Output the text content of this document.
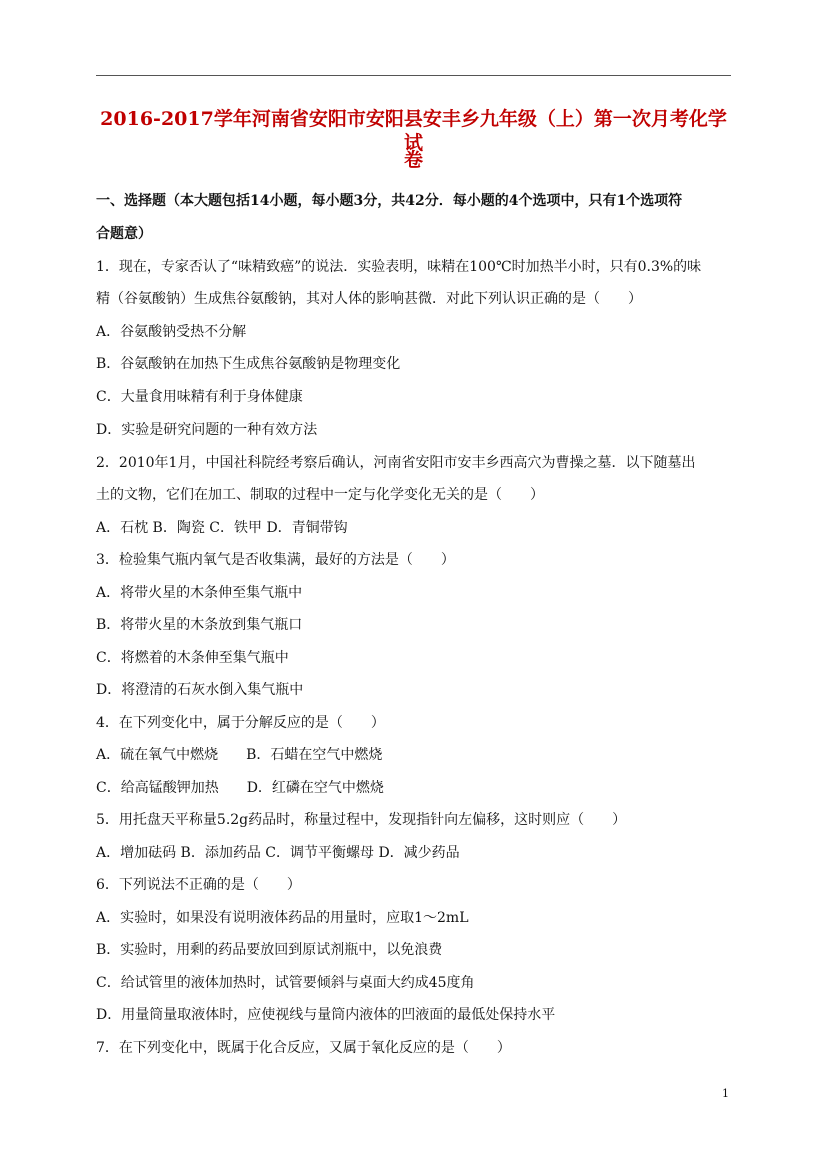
2016-2017学年河南省安阳市安阳县安丰乡九年级（上）第一次月考化学试
卷

一、选择题（本大题包括14小题，每小题3分，共42分．每小题的4个选项中，只有1个选项符

合题意）

1．现在，专家否认了“味精致癌”的说法．实验表明，味精在100℃时加热半小时，只有0.3%的味

精（谷氨酸钠）生成焦谷氨酸钠，其对人体的影响甚微．对此下列认识正确的是（　　）

A．谷氨酸钠受热不分解

B．谷氨酸钠在加热下生成焦谷氨酸钠是物理变化

C．大量食用味精有利于身体健康

D．实验是研究问题的一种有效方法

2．2010年1月，中国社科院经考察后确认，河南省安阳市安丰乡西高穴为曹操之墓．以下随墓出

土的文物，它们在加工、制取的过程中一定与化学变化无关的是（　　）

A．石枕 B．陶瓷 C．铁甲 D．青铜带钩

3．检验集气瓶内氧气是否收集满，最好的方法是（　　）

A．将带火星的木条伸至集气瓶中

B．将带火星的木条放到集气瓶口

C．将燃着的木条伸至集气瓶中

D．将澄清的石灰水倒入集气瓶中

4．在下列变化中，属于分解反应的是（　　）

A．硫在氧气中燃烧　　B．石蜡在空气中燃烧

C．给高锰酸钾加热　　D．红磷在空气中燃烧

5．用托盘天平称量5.2g药品时，称量过程中，发现指针向左偏移，这时则应（　　）

A．增加砝码 B．添加药品 C．调节平衡螺母 D．减少药品

6．下列说法不正确的是（　　）

A．实验时，如果没有说明液体药品的用量时，应取1～2mL

B．实验时，用剩的药品要放回到原试剂瓶中，以免浪费

C．给试管里的液体加热时，试管要倾斜与桌面大约成45度角

D．用量筒量取液体时，应使视线与量筒内液体的凹液面的最低处保持水平

7．在下列变化中，既属于化合反应，又属于氧化反应的是（　　）

1
